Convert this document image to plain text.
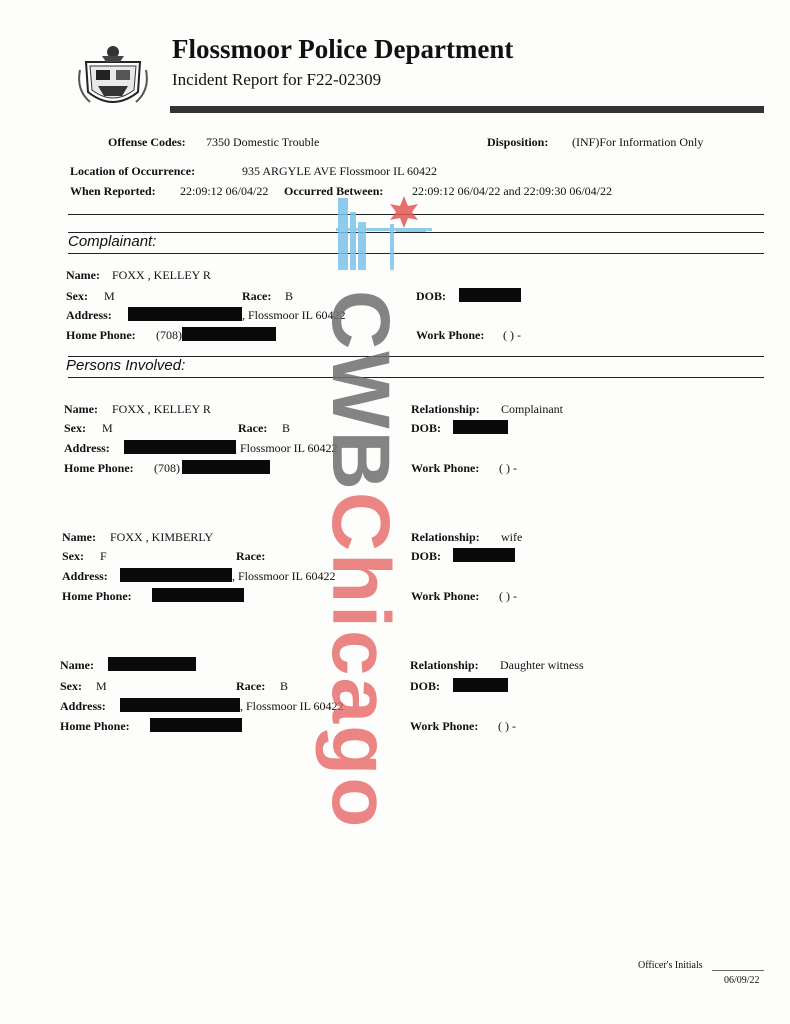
Flossmoor Police Department
Incident Report for F22-02309
Offense Codes: 7350 Domestic Trouble	Disposition: (INF)For Information Only
Location of Occurrence:	935 ARGYLE AVE Flossmoor IL 60422
When Reported: 22:09:12 06/04/22 Occurred Between: 22:09:12 06/04/22 and 22:09:30 06/04/22
Complainant:
Name: FOXX , KELLEY R
Sex: M	Race: B	DOB:
Address:	, Flossmoor IL 60422
Home Phone: (708)	Work Phone: ( ) -
Persons Involved:
Name: FOXX , KELLEY R	Relationship: Complainant
Sex: M	Race: B	DOB:
Address:	, Flossmoor IL 60422
Home Phone: (708)	Work Phone: ( ) -
Name: FOXX , KIMBERLY	Relationship: wife
Sex: F	Race:	DOB:
Address:	, Flossmoor IL 60422
Home Phone:	Work Phone: ( ) -
Name:	Relationship: Daughter witness
Sex: M	Race: B	DOB:
Address:	, Flossmoor IL 60422
Home Phone:	Work Phone: ( ) -
Officer's Initials
06/09/22
CWBChicago
